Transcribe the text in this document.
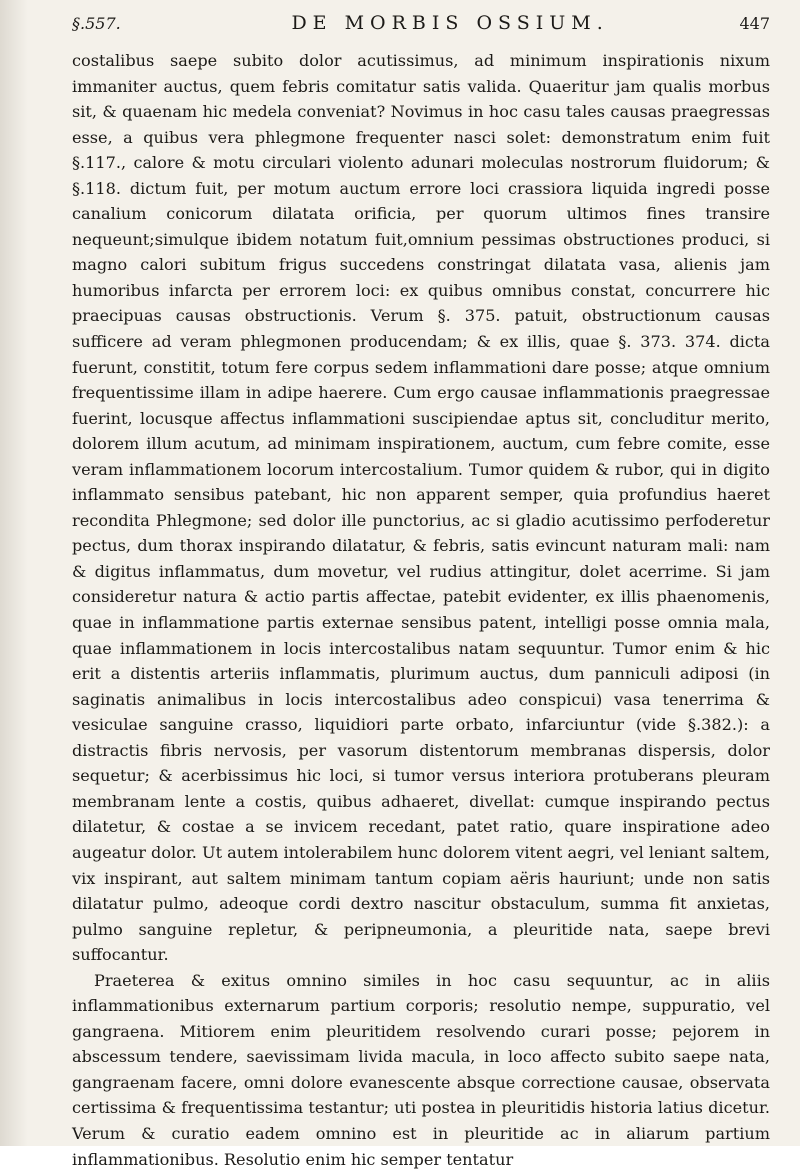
§.557.	DE MORBIS OSSIUM.	447

costalibus saepe subito dolor acutissimus, ad minimum inspirationis nixum immaniter auctus, quem febris comitatur satis valida. Quaeritur jam qualis morbus sit, & quaenam hic medela conveniat? Novimus in hoc casu tales causas praegressas esse, a quibus vera phlegmone frequenter nasci solet: demonstratum enim fuit §.117., calore & motu circulari violento adunari moleculas nostrorum fluidorum; & §.118. dictum fuit, per motum auctum errore loci crassiora liquida ingredi posse canalium conicorum dilatata orificia, per quorum ultimos fines transire nequeunt;simulque ibidem notatum fuit,omnium pessimas obstructiones produci, si magno calori subitum frigus succedens constringat dilatata vasa, alienis jam humoribus infarcta per errorem loci: ex quibus omnibus constat, concurrere hic praecipuas causas obstructionis. Verum §. 375. patuit, obstructionum causas sufficere ad veram phlegmonen producendam; & ex illis, quae §. 373. 374. dicta fuerunt, constitit, totum fere corpus sedem inflammationi dare posse; atque omnium frequentissime illam in adipe haerere. Cum ergo causae inflammationis praegressae fuerint, locusque affectus inflammationi suscipiendae aptus sit, concluditur merito, dolorem illum acutum, ad minimam inspirationem, auctum, cum febre comite, esse veram inflammationem locorum intercostalium. Tumor quidem & rubor, qui in digito inflammato sensibus patebant, hic non apparent semper, quia profundius haeret recondita Phlegmone; sed dolor ille punctorius, ac si gladio acutissimo perfoderetur pectus, dum thorax inspirando dilatatur, & febris, satis evincunt naturam mali: nam & digitus inflammatus, dum movetur, vel rudius attingitur, dolet acerrime. Si jam consideretur natura & actio partis affectae, patebit evidenter, ex illis phaenomenis, quae in inflammatione partis externae sensibus patent, intelligi posse omnia mala, quae inflammationem in locis intercostalibus natam sequuntur. Tumor enim & hic erit a distentis arteriis inflammatis, plurimum auctus, dum panniculi adiposi (in saginatis animalibus in locis intercostalibus adeo conspicui) vasa tenerrima & vesiculae sanguine crasso, liquidiori parte orbato, infarciuntur (vide §.382.): a distractis fibris nervosis, per vasorum distentorum membranas dispersis, dolor sequetur; & acerbissimus hic loci, si tumor versus interiora protuberans pleuram membranam lente a costis, quibus adhaeret, divellat: cumque inspirando pectus dilatetur, & costae a se invicem recedant, patet ratio, quare inspiratione adeo augeatur dolor. Ut autem intolerabilem hunc dolorem vitent aegri, vel leniant saltem, vix inspirant, aut saltem minimam tantum copiam aëris hauriunt; unde non satis dilatatur pulmo, adeoque cordi dextro nascitur obstaculum, summa fit anxietas, pulmo sanguine repletur, & peripneumonia, a pleuritide nata, saepe brevi suffocantur.

Praeterea & exitus omnino similes in hoc casu sequuntur, ac in aliis inflammationibus externarum partium corporis; resolutio nempe, suppuratio, vel gangraena. Mitiorem enim pleuritidem resolvendo curari posse; pejorem in abscessum tendere, saevissimam livida macula, in loco affecto subito saepe nata, gangraenam facere, omni dolore evanescente absque correctione causae, observata certissima & frequentissima testantur; uti postea in pleuritidis historia latius dicetur. Verum & curatio eadem omnino est in pleuritide ac in aliarum partium inflammationibus. Resolutio enim hic semper tentatur
